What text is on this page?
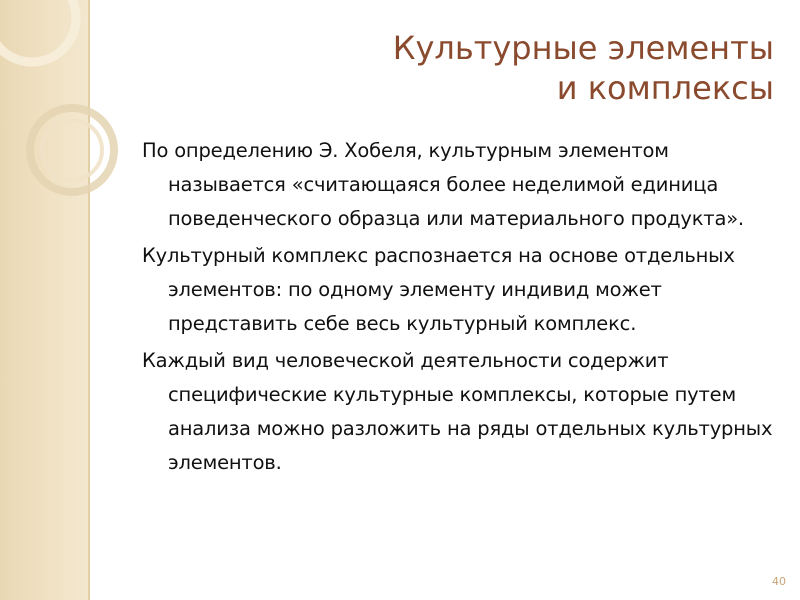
Культурные элементы
и комплексы

По определению Э. Хобеля, культурным элементом называется «считающаяся более неделимой единица поведенческого образца или материального продукта».

Культурный комплекс распознается на основе отдельных элементов: по одному элементу индивид может представить себе весь культурный комплекс.

Каждый вид человеческой деятельности содержит специфические культурные комплексы, которые путем анализа можно разложить на ряды отдельных культурных элементов.

40
